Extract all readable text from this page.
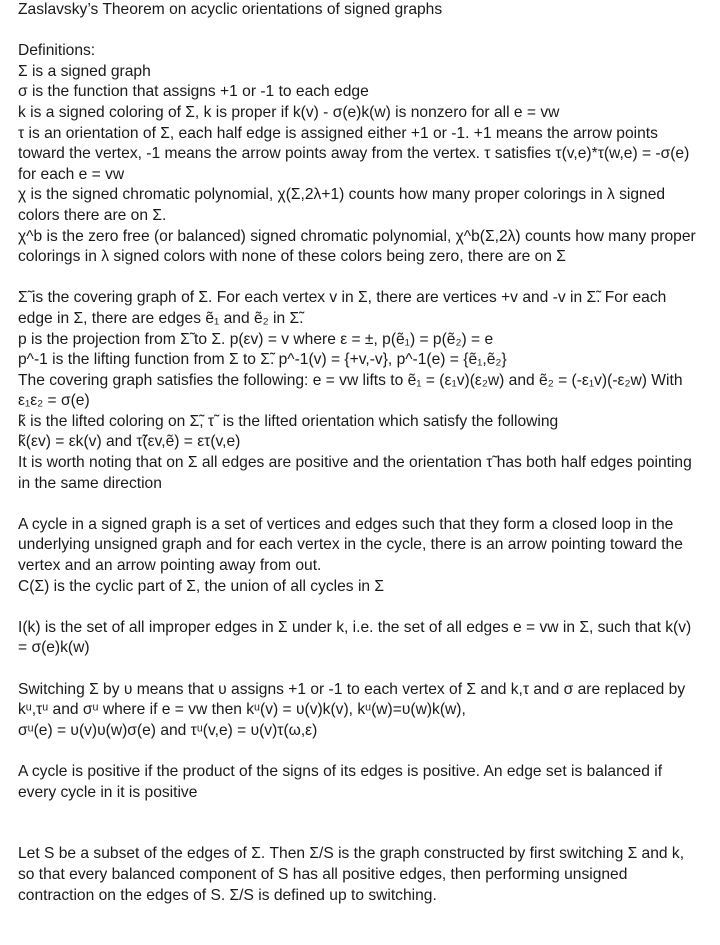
Zaslavsky’s Theorem on acyclic orientations of signed graphs
Definitions:
Σ is a signed graph
σ is the function that assigns +1 or -1 to each edge
k is a signed coloring of Σ, k is proper if k(v) - σ(e)k(w) is nonzero for all e = vw
τ is an orientation of Σ, each half edge is assigned either +1 or -1. +1 means the arrow points toward the vertex, -1 means the arrow points away from the vertex. τ satisfies τ(v,e)*τ(w,e) = -σ(e) for each e = vw
χ is the signed chromatic polynomial, χ(Σ,2λ+1) counts how many proper colorings in λ signed colors there are on Σ.
χ^b is the zero free (or balanced) signed chromatic polynomial, χ^b(Σ,2λ) counts how many proper colorings in λ signed colors with none of these colors being zero, there are on Σ
Σ̃ is the covering graph of Σ. For each vertex v in Σ, there are vertices +v and -v in Σ̃. For each edge in Σ, there are edges ẽ₁ and ẽ₂ in Σ̃.
p is the projection from Σ̃ to Σ. p(εv) = v where ε = ±, p(ẽ₁) = p(ẽ₂) = e
p^-1 is the lifting function from Σ to Σ̃. p^-1(v) = {+v,-v}, p^-1(e) = {ẽ₁,ẽ₂}
The covering graph satisfies the following: e = vw lifts to ẽ₁ = (ε₁v)(ε₂w) and ẽ₂ = (-ε₁v)(-ε₂w) With ε₁ε₂ = σ(e)
k̃ is the lifted coloring on Σ̃, τ̃  is the lifted orientation which satisfy the following
k̃(εv) = εk(v) and τ̃(εv,ẽ) = ετ(v,e)
It is worth noting that on Σ all edges are positive and the orientation τ̃ has both half edges pointing in the same direction
A cycle in a signed graph is a set of vertices and edges such that they form a closed loop in the underlying unsigned graph and for each vertex in the cycle, there is an arrow pointing toward the vertex and an arrow pointing away from out.
C(Σ) is the cyclic part of Σ, the union of all cycles in Σ
I(k) is the set of all improper edges in Σ under k, i.e. the set of all edges e = vw in Σ, such that k(v) = σ(e)k(w)
Switching Σ by υ means that υ assigns +1 or -1 to each vertex of Σ and k,τ and σ are replaced by kᵘ,τᵘ and σᵘ where if e = vw then kᵘ(v) = υ(v)k(v), kᵘ(w)=υ(w)k(w),
σᵘ(e) = υ(v)υ(w)σ(e) and τᵘ(v,e) = υ(v)τ(ω,ε)
A cycle is positive if the product of the signs of its edges is positive. An edge set is balanced if every cycle in it is positive
Let S be a subset of the edges of Σ. Then Σ/S is the graph constructed by first switching Σ and k, so that every balanced component of S has all positive edges, then performing unsigned contraction on the edges of S. Σ/S is defined up to switching.
